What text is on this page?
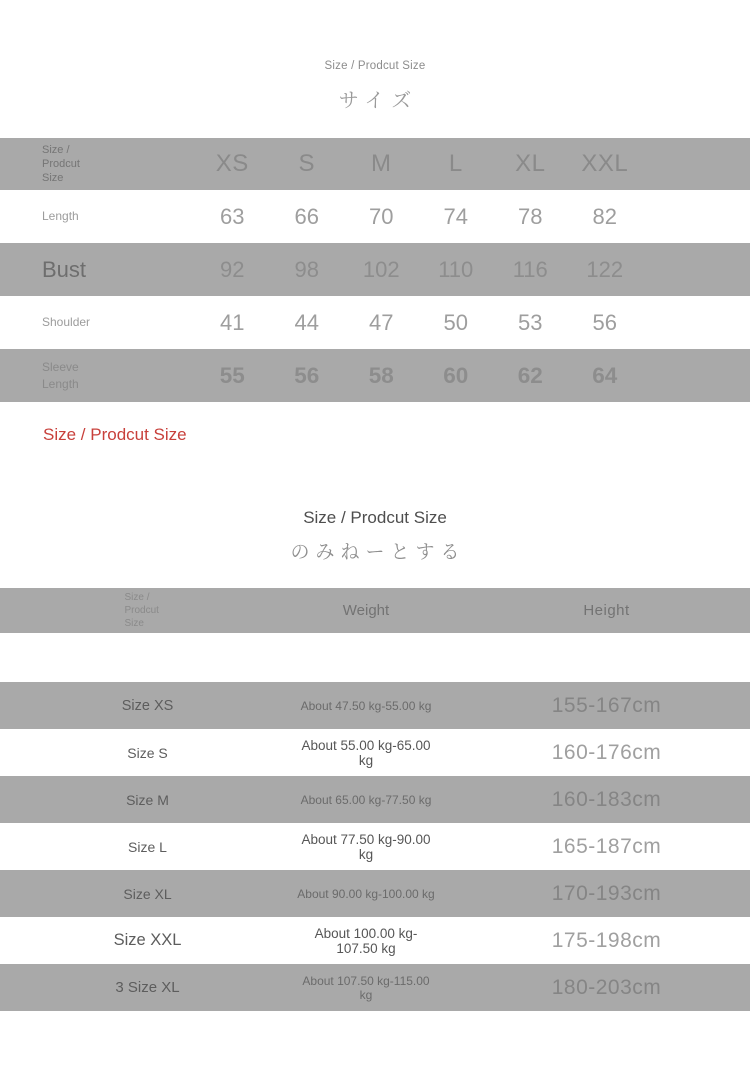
Size / Prodcut Size
サイズ
Size / Prodcut Size
XS	S	M	L	XL	XXL
Length	63	66	70	74	78	82
Bust	92	98	102	110	116	122
Shoulder	41	44	47	50	53	56
Sleeve Length	55	56	58	60	62	64
Size / Prodcut Size
Size / Prodcut Size
のみねーとする
Size / Prodcut Size
Weight	Height
Size XS	About 47.50 kg-55.00 kg	155-167cm
Size S	About 55.00 kg-65.00 kg	160-176cm
Size M	About 65.00 kg-77.50 kg	160-183cm
Size L	About 77.50 kg-90.00 kg	165-187cm
Size XL	About 90.00 kg-100.00 kg	170-193cm
Size XXL	About 100.00 kg-107.50 kg	175-198cm
3 Size XL	About 107.50 kg-115.00 kg	180-203cm
